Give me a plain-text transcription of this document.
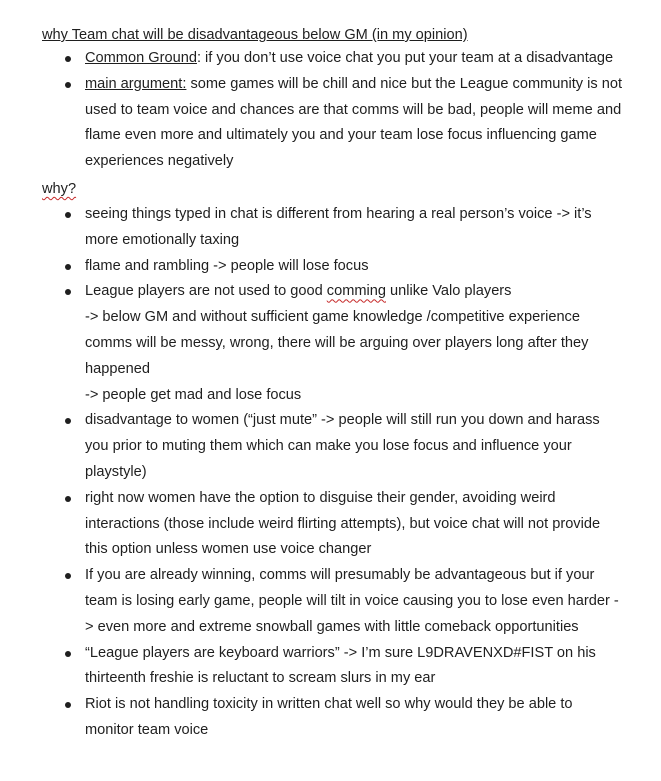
why Team chat will be disadvantageous below GM (in my opinion)
Common Ground: if you don’t use voice chat you put your team at a disadvantage
main argument: some games will be chill and nice but the League community is not used to team voice and chances are that comms will be bad, people will meme and flame even more and ultimately you and your team lose focus influencing game experiences negatively
why?
seeing things typed in chat is different from hearing a real person’s voice -> it’s more emotionally taxing
flame and rambling -> people will lose focus
League players are not used to good comming unlike Valo players
-> below GM and without sufficient game knowledge /competitive experience comms will be messy, wrong, there will be arguing over players long after they happened
-> people get mad and lose focus
disadvantage to women (“just mute” -> people will still run you down and harass you prior to muting them which can make you lose focus and influence your playstyle)
right now women have the option to disguise their gender, avoiding weird interactions (those include weird flirting attempts), but voice chat will not provide this option unless women use voice changer
If you are already winning, comms will presumably be advantageous but if your team is losing early game, people will tilt in voice causing you to lose even harder -> even more and extreme snowball games with little comeback opportunities
“League players are keyboard warriors” -> I’m sure L9DRAVENXD#FIST on his thirteenth freshie is reluctant to scream slurs in my ear
Riot is not handling toxicity in written chat well so why would they be able to monitor team voice
